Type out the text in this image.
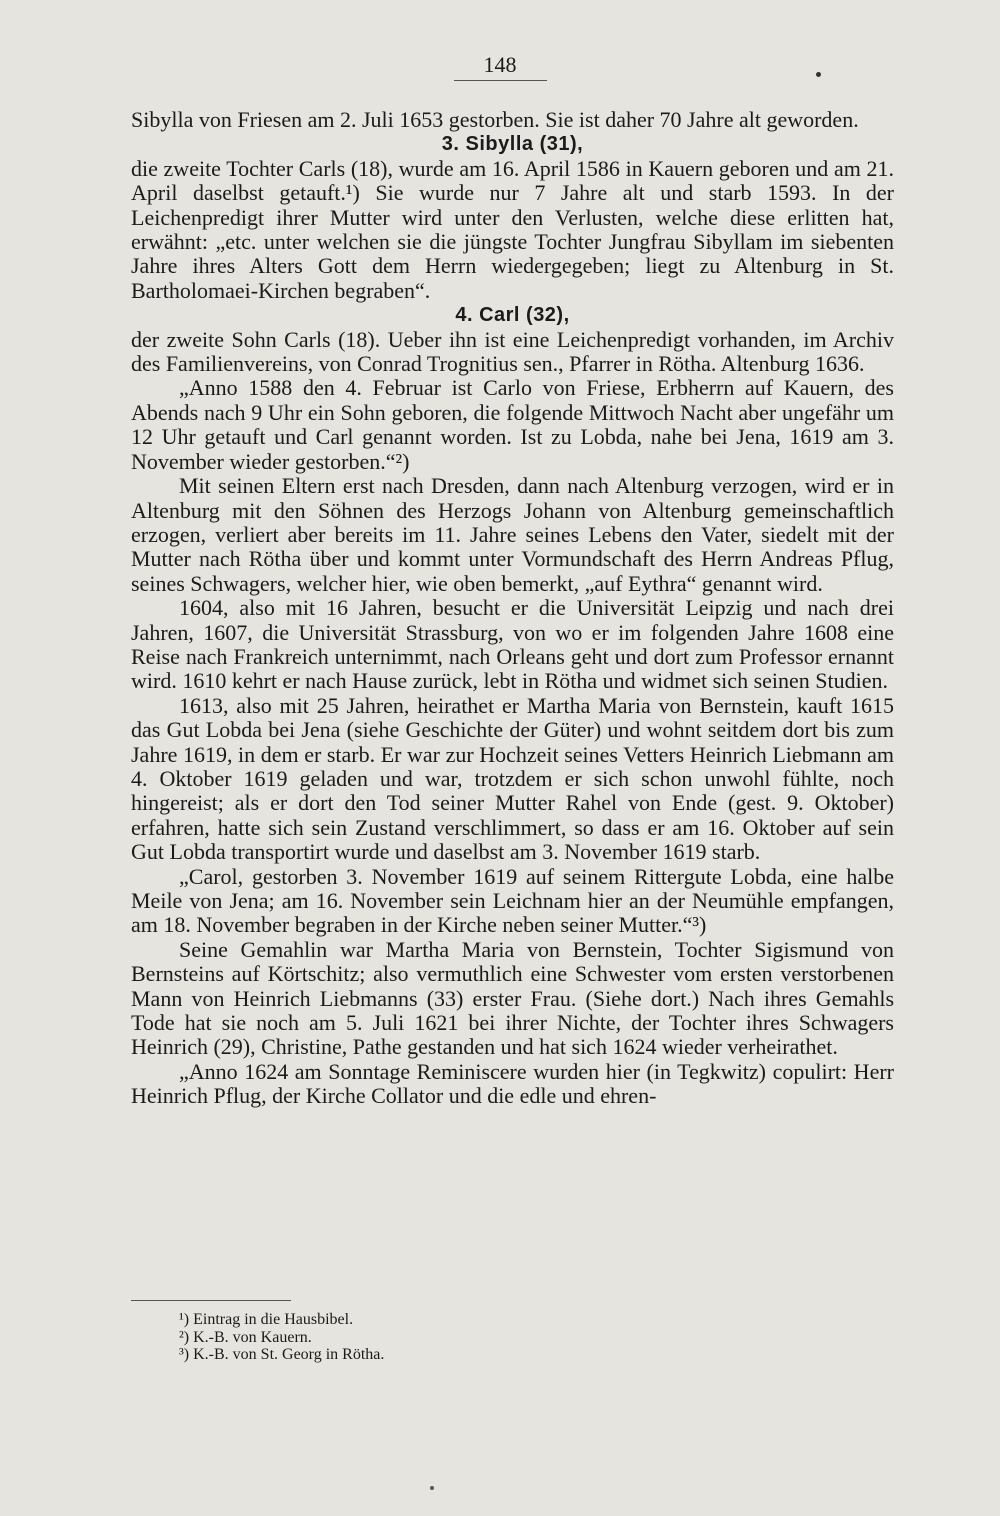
148

Sibylla von Friesen am 2. Juli 1653 gestorben. Sie ist daher 70 Jahre alt geworden.

3. Sibylla (31),

die zweite Tochter Carls (18), wurde am 16. April 1586 in Kauern geboren und am 21. April daselbst getauft.¹) Sie wurde nur 7 Jahre alt und starb 1593. In der Leichenpredigt ihrer Mutter wird unter den Verlusten, welche diese erlitten hat, erwähnt: „etc. unter welchen sie die jüngste Tochter Jungfrau Sibyllam im siebenten Jahre ihres Alters Gott dem Herrn wiedergegeben; liegt zu Altenburg in St. Bartholomaei-Kirchen begraben“.

4. Carl (32),

der zweite Sohn Carls (18). Ueber ihn ist eine Leichenpredigt vorhanden, im Archiv des Familienvereins, von Conrad Trognitius sen., Pfarrer in Rötha. Altenburg 1636.

„Anno 1588 den 4. Februar ist Carlo von Friese, Erbherrn auf Kauern, des Abends nach 9 Uhr ein Sohn geboren, die folgende Mittwoch Nacht aber ungefähr um 12 Uhr getauft und Carl genannt worden. Ist zu Lobda, nahe bei Jena, 1619 am 3. November wieder gestorben.“²)

Mit seinen Eltern erst nach Dresden, dann nach Altenburg verzogen, wird er in Altenburg mit den Söhnen des Herzogs Johann von Altenburg gemeinschaftlich erzogen, verliert aber bereits im 11. Jahre seines Lebens den Vater, siedelt mit der Mutter nach Rötha über und kommt unter Vormundschaft des Herrn Andreas Pflug, seines Schwagers, welcher hier, wie oben bemerkt, „auf Eythra“ genannt wird.

1604, also mit 16 Jahren, besucht er die Universität Leipzig und nach drei Jahren, 1607, die Universität Strassburg, von wo er im folgenden Jahre 1608 eine Reise nach Frankreich unternimmt, nach Orleans geht und dort zum Professor ernannt wird. 1610 kehrt er nach Hause zurück, lebt in Rötha und widmet sich seinen Studien.

1613, also mit 25 Jahren, heirathet er Martha Maria von Bernstein, kauft 1615 das Gut Lobda bei Jena (siehe Geschichte der Güter) und wohnt seitdem dort bis zum Jahre 1619, in dem er starb. Er war zur Hochzeit seines Vetters Heinrich Liebmann am 4. Oktober 1619 geladen und war, trotzdem er sich schon unwohl fühlte, noch hingereist; als er dort den Tod seiner Mutter Rahel von Ende (gest. 9. Oktober) erfahren, hatte sich sein Zustand verschlimmert, so dass er am 16. Oktober auf sein Gut Lobda transportirt wurde und daselbst am 3. November 1619 starb.

„Carol, gestorben 3. November 1619 auf seinem Rittergute Lobda, eine halbe Meile von Jena; am 16. November sein Leichnam hier an der Neumühle empfangen, am 18. November begraben in der Kirche neben seiner Mutter.“³)

Seine Gemahlin war Martha Maria von Bernstein, Tochter Sigismund von Bernsteins auf Körtschitz; also vermuthlich eine Schwester vom ersten verstorbenen Mann von Heinrich Liebmanns (33) erster Frau. (Siehe dort.) Nach ihres Gemahls Tode hat sie noch am 5. Juli 1621 bei ihrer Nichte, der Tochter ihres Schwagers Heinrich (29), Christine, Pathe gestanden und hat sich 1624 wieder verheirathet.

„Anno 1624 am Sonntage Reminiscere wurden hier (in Tegkwitz) copulirt: Herr Heinrich Pflug, der Kirche Collator und die edle und ehren-

¹) Eintrag in die Hausbibel.

²) K.-B. von Kauern.

³) K.-B. von St. Georg in Rötha.
